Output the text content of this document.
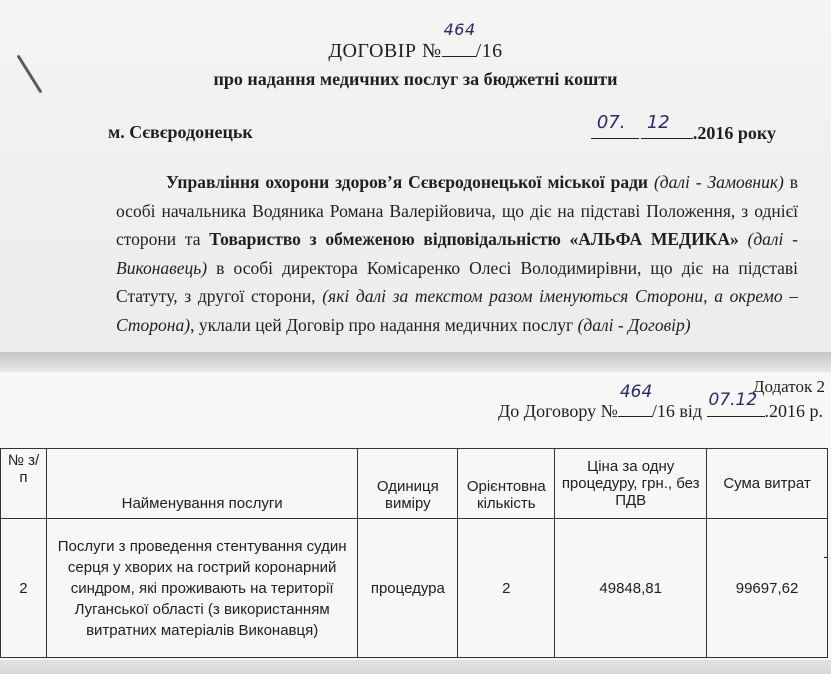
ДОГОВІР №
464
/16
про надання медичних послуг за бюджетні кошти
м. Сєвєродонецьк	07. 12 .2016 року
Управління охорони здоров’я Сєвєродонецької міської ради (далі - Замовник) в особі начальника Водяника Романа Валерійовича, що діє на підставі Положення, з однієї сторони та Товариство з обмеженою відповідальністю «АЛЬФА МЕДИКА» (далі - Виконавець) в особі директора Комісаренко Олесі Володимирівни, що діє на підставі Статуту, з другої сторони, (які далі за текстом разом іменуються Сторони, а окремо – Сторона), уклали цей Договір про надання медичних послуг (далі - Договір)
Додаток 2
До Договору №
464
/16 від
07.12
.2016 р.
№ з/п	Найменування послуги	Одиниця виміру	Орієнтовна кількість	Ціна за одну процедуру, грн., без ПДВ	Сума витрат
2	Послуги з проведення стентування судин серця у хворих на гострий коронарний синдром, які проживають на території Луганської області (з використанням витратних матеріалів Виконавця)	процедура	2	49848,81	99697,62
-
